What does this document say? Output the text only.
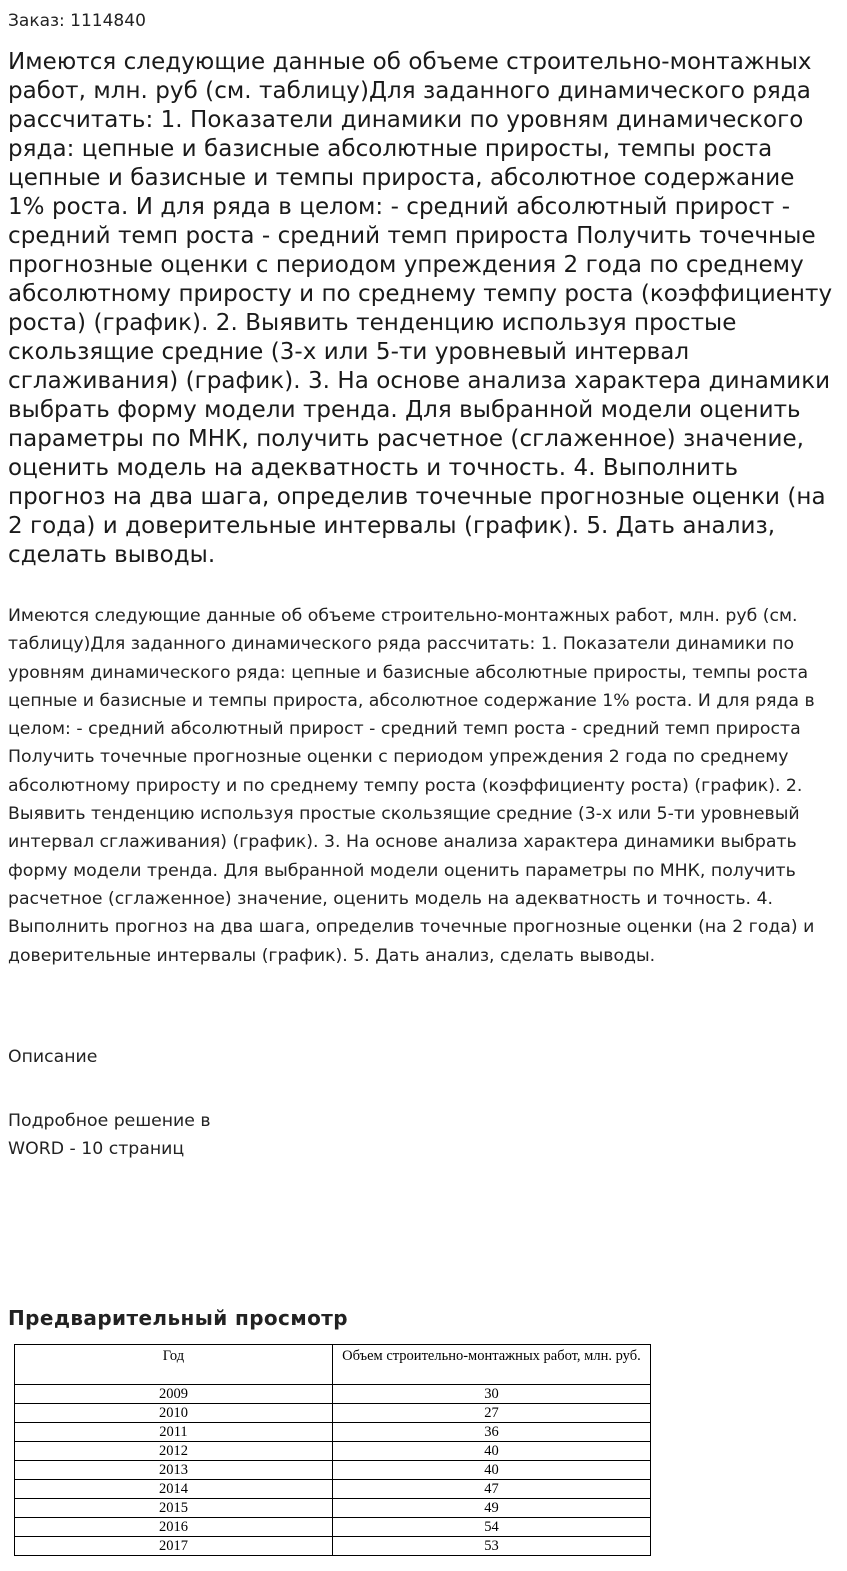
Заказ: 1114840
Имеются следующие данные об объеме строительно-монтажных работ, млн. руб (см. таблицу)Для заданного динамического ряда рассчитать: 1. Показатели динамики по уровням динамического ряда: цепные и базисные абсолютные приросты, темпы роста цепные и базисные и темпы прироста, абсолютное содержание 1% роста. И для ряда в целом: - средний абсолютный прирост - средний темп роста - средний темп прироста Получить точечные прогнозные оценки с периодом упреждения 2 года по среднему абсолютному приросту и по среднему темпу роста (коэффициенту роста) (график). 2. Выявить тенденцию используя простые скользящие средние (3-х или 5-ти уровневый интервал сглаживания) (график). 3. На основе анализа характера динамики выбрать форму модели тренда. Для выбранной модели оценить параметры по МНК, получить расчетное (сглаженное) значение, оценить модель на адекватность и точность. 4. Выполнить прогноз на два шага, определив точечные прогнозные оценки (на 2 года) и доверительные интервалы (график). 5. Дать анализ, сделать выводы.
Имеются следующие данные об объеме строительно-монтажных работ, млн. руб (см. таблицу)Для заданного динамического ряда рассчитать: 1. Показатели динамики по уровням динамического ряда: цепные и базисные абсолютные приросты, темпы роста цепные и базисные и темпы прироста, абсолютное содержание 1% роста. И для ряда в целом: - средний абсолютный прирост - средний темп роста - средний темп прироста Получить точечные прогнозные оценки с периодом упреждения 2 года по среднему абсолютному приросту и по среднему темпу роста (коэффициенту роста) (график). 2. Выявить тенденцию используя простые скользящие средние (3-х или 5-ти уровневый интервал сглаживания) (график). 3. На основе анализа характера динамики выбрать форму модели тренда. Для выбранной модели оценить параметры по МНК, получить расчетное (сглаженное) значение, оценить модель на адекватность и точность. 4. Выполнить прогноз на два шага, определив точечные прогнозные оценки (на 2 года) и доверительные интервалы (график). 5. Дать анализ, сделать выводы.
Описание
Подробное решение в
WORD - 10 страниц
Предварительный просмотр
Год	Объем строительно-монтажных работ, млн. руб.
2009	30
2010	27
2011	36
2012	40
2013	40
2014	47
2015	49
2016	54
2017	53
